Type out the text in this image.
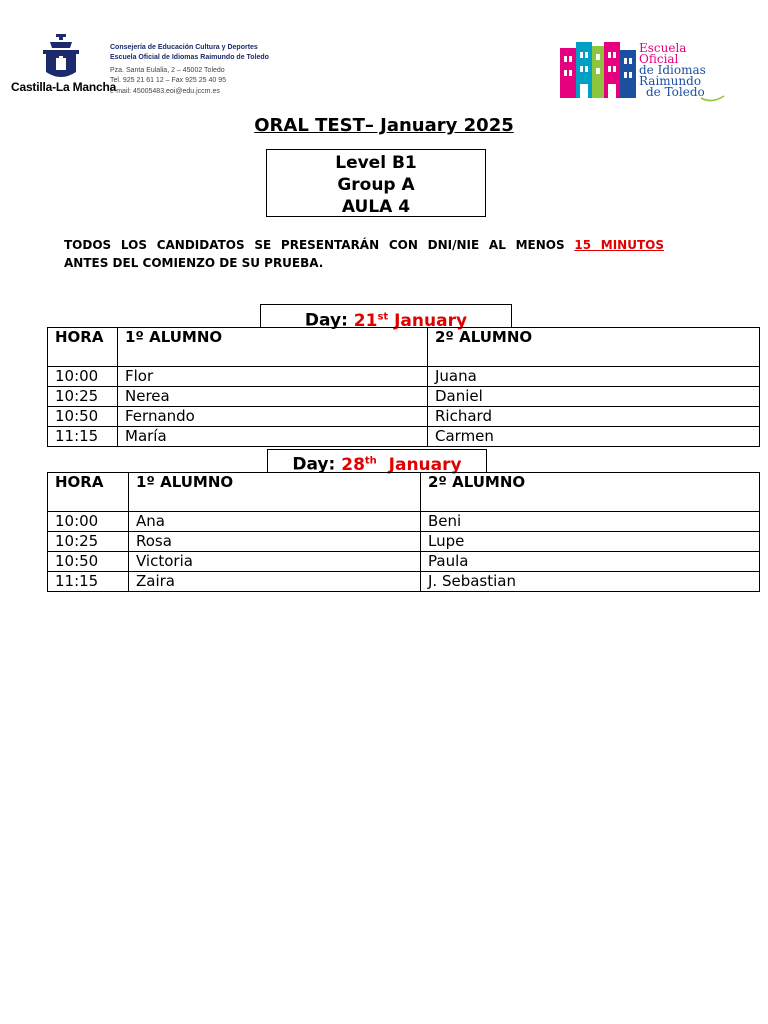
Castilla-La Mancha
Consejería de Educación Cultura y Deportes
Escuela Oficial de Idiomas Raimundo de Toledo
Pza. Santa Eulalia, 2 – 45002 Toledo
Tel. 925 21 61 12 – Fax 925 25 40 95
e-mail: 45005483.eoi@edu.jccm.es
Escuela
Oficial
de Idiomas
Raimundo
de Toledo
ORAL TEST– January 2025
Level B1
Group A
AULA 4
TODOS LOS CANDIDATOS SE PRESENTARÁN CON DNI/NIE AL MENOS 15 MINUTOS
ANTES DEL COMIENZO DE SU PRUEBA.
Day: 21st January
HORA	1º ALUMNO	2º ALUMNO
10:00	Flor	Juana
10:25	Nerea	Daniel
10:50	Fernando	Richard
11:15	María	Carmen
Day: 28th January
HORA	1º ALUMNO	2º ALUMNO
10:00	Ana	Beni
10:25	Rosa	Lupe
10:50	Victoria	Paula
11:15	Zaira	J. Sebastian
